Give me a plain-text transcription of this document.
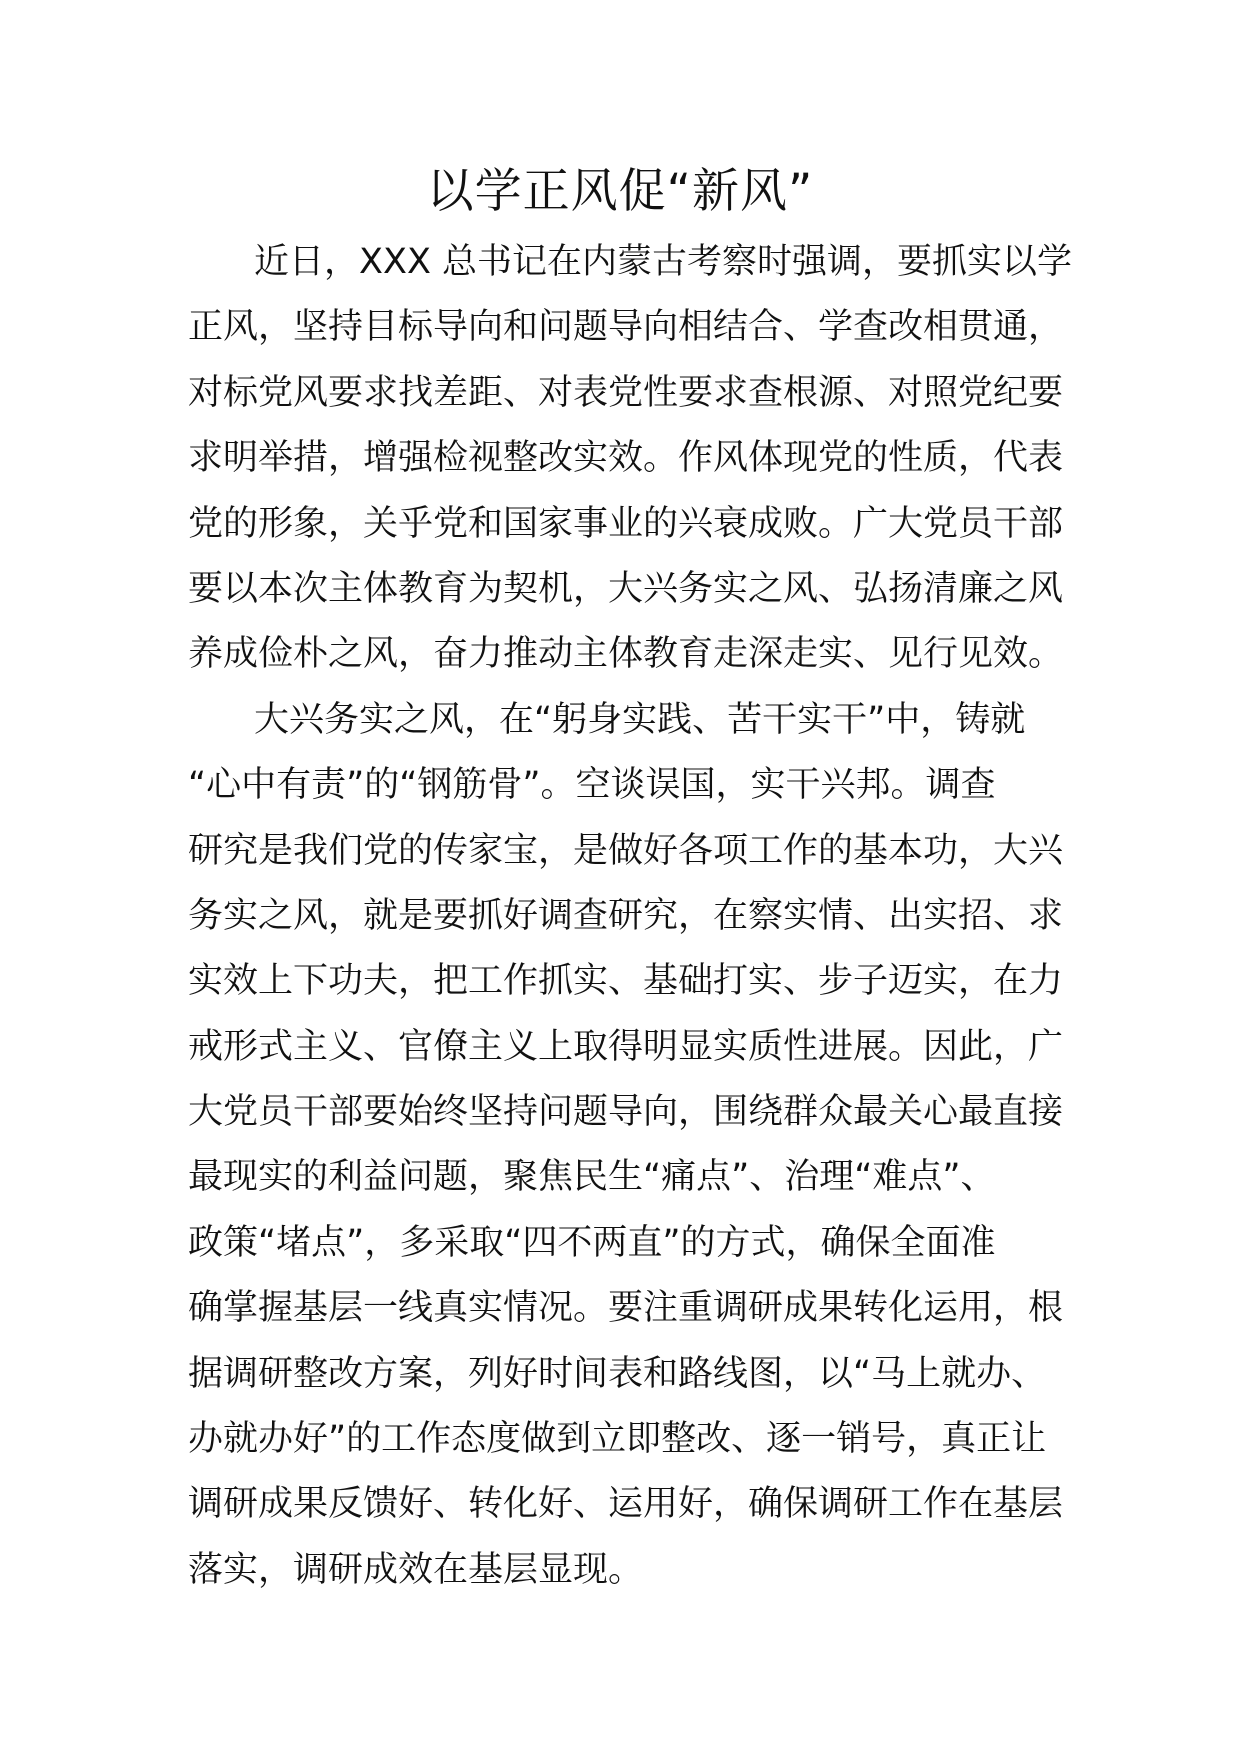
以学正风促“新风”
近日，XXX 总书记在内蒙古考察时强调，要抓实以学
正风，坚持目标导向和问题导向相结合、学查改相贯通，
对标党风要求找差距、对表党性要求查根源、对照党纪要
求明举措，增强检视整改实效。作风体现党的性质，代表
党的形象，关乎党和国家事业的兴衰成败。广大党员干部
要以本次主体教育为契机，大兴务实之风、弘扬清廉之风
养成俭朴之风，奋力推动主体教育走深走实、见行见效。
大兴务实之风，在“躬身实践、苦干实干”中，铸就
“心中有责”的“钢筋骨”。空谈误国，实干兴邦。调查
研究是我们党的传家宝，是做好各项工作的基本功，大兴
务实之风，就是要抓好调查研究，在察实情、出实招、求
实效上下功夫，把工作抓实、基础打实、步子迈实，在力
戒形式主义、官僚主义上取得明显实质性进展。因此，广
大党员干部要始终坚持问题导向，围绕群众最关心最直接
最现实的利益问题，聚焦民生“痛点”、治理“难点”、
政策“堵点”，多采取“四不两直”的方式，确保全面准
确掌握基层一线真实情况。要注重调研成果转化运用，根
据调研整改方案，列好时间表和路线图，以“马上就办、
办就办好”的工作态度做到立即整改、逐一销号，真正让
调研成果反馈好、转化好、运用好，确保调研工作在基层
落实，调研成效在基层显现。
